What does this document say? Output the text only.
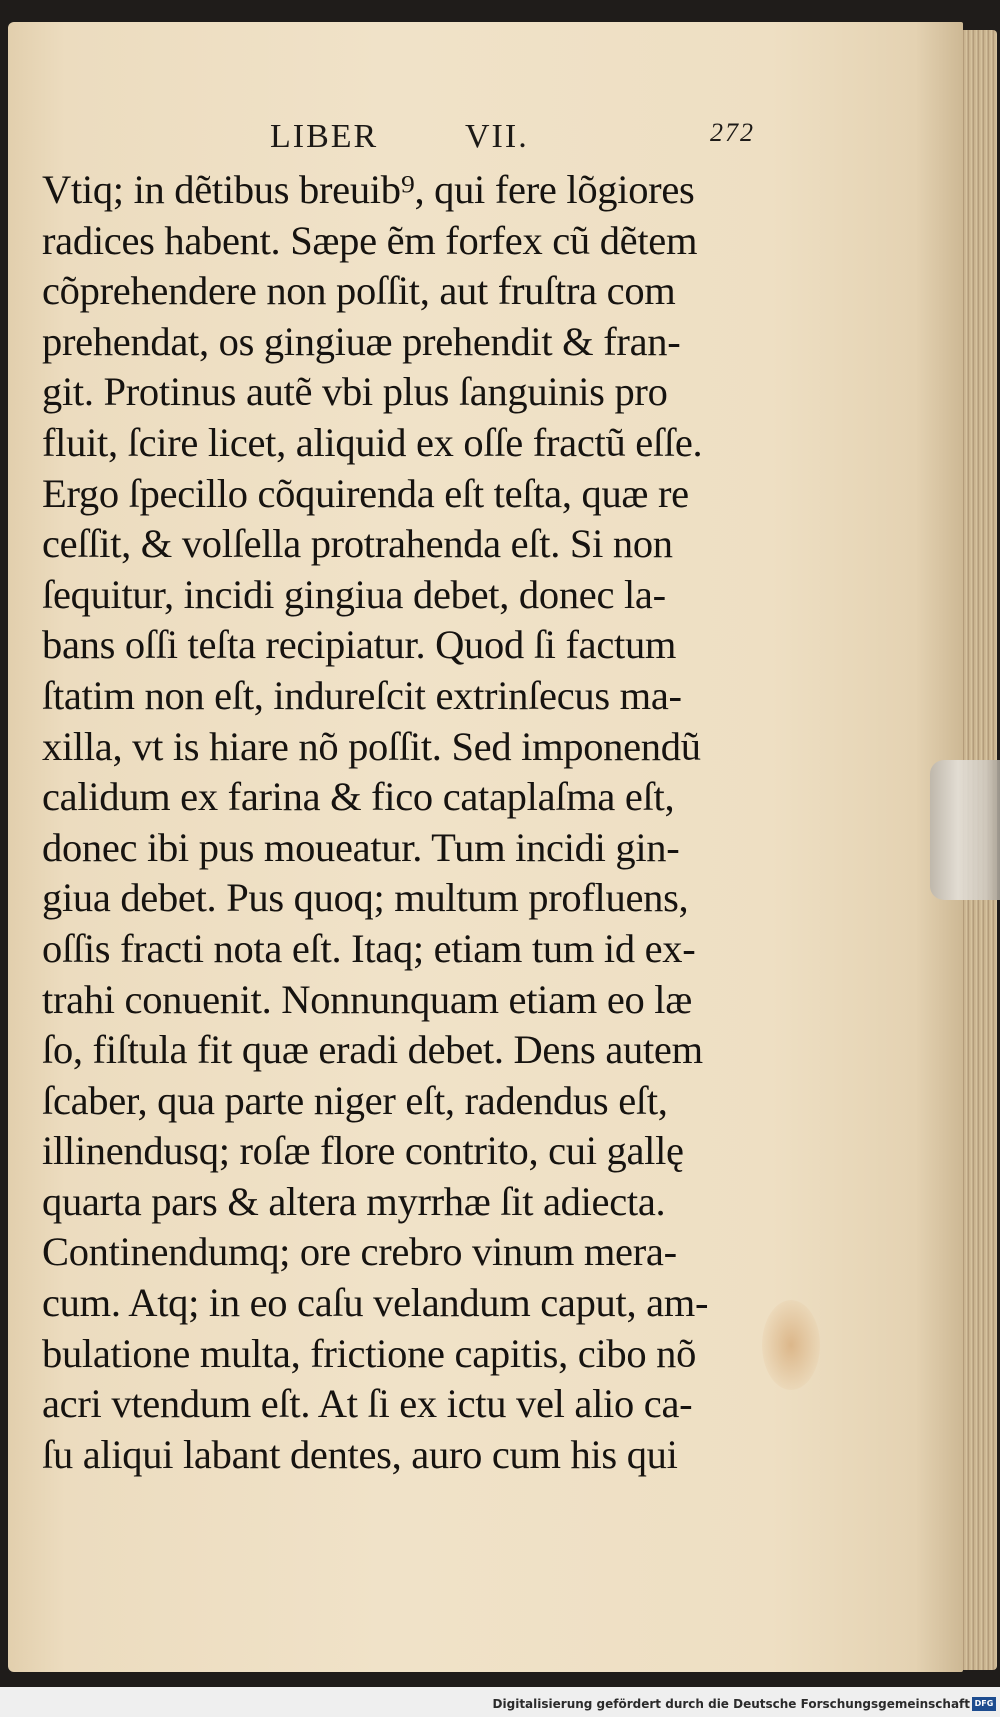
LIBER	VII.	272
Vtiq; in dẽtibus breuib⁹, qui fere lõgiores
radices habent. Sæpe ẽm forfex cũ dẽtem
cõprehendere non poſſit, aut fruſtra com
prehendat, os gingiuæ prehendit & fran-
git. Protinus autẽ vbi plus ſanguinis pro
fluit, ſcire licet, aliquid ex oſſe fractũ eſſe.
Ergo ſpecillo cõquirenda eſt teſta, quæ re
ceſſit, & volſella protrahenda eſt. Si non
ſequitur, incidi gingiua debet, donec la-
bans oſſi teſta recipiatur. Quod ſi factum
ſtatim non eſt, indureſcit extrinſecus ma-
xilla, vt is hiare nõ poſſit. Sed imponendũ
calidum ex farina & fico cataplaſma eſt,
donec ibi pus moueatur. Tum incidi gin-
giua debet. Pus quoq; multum profluens,
oſſis fracti nota eſt. Itaq; etiam tum id ex-
trahi conuenit. Nonnunquam etiam eo læ
ſo, fiſtula fit quæ eradi debet. Dens autem
ſcaber, qua parte niger eſt, radendus eſt,
illinendusq; roſæ flore contrito, cui gallę
quarta pars & altera myrrhæ ſit adiecta.
Continendumq; ore crebro vinum mera-
cum. Atq; in eo caſu velandum caput, am-
bulatione multa, frictione capitis, cibo nõ
acri vtendum eſt. At ſi ex ictu vel alio ca-
ſu aliqui labant dentes, auro cum his qui
Digitalisierung gefördert durch die Deutsche Forschungsgemeinschaft DFG
